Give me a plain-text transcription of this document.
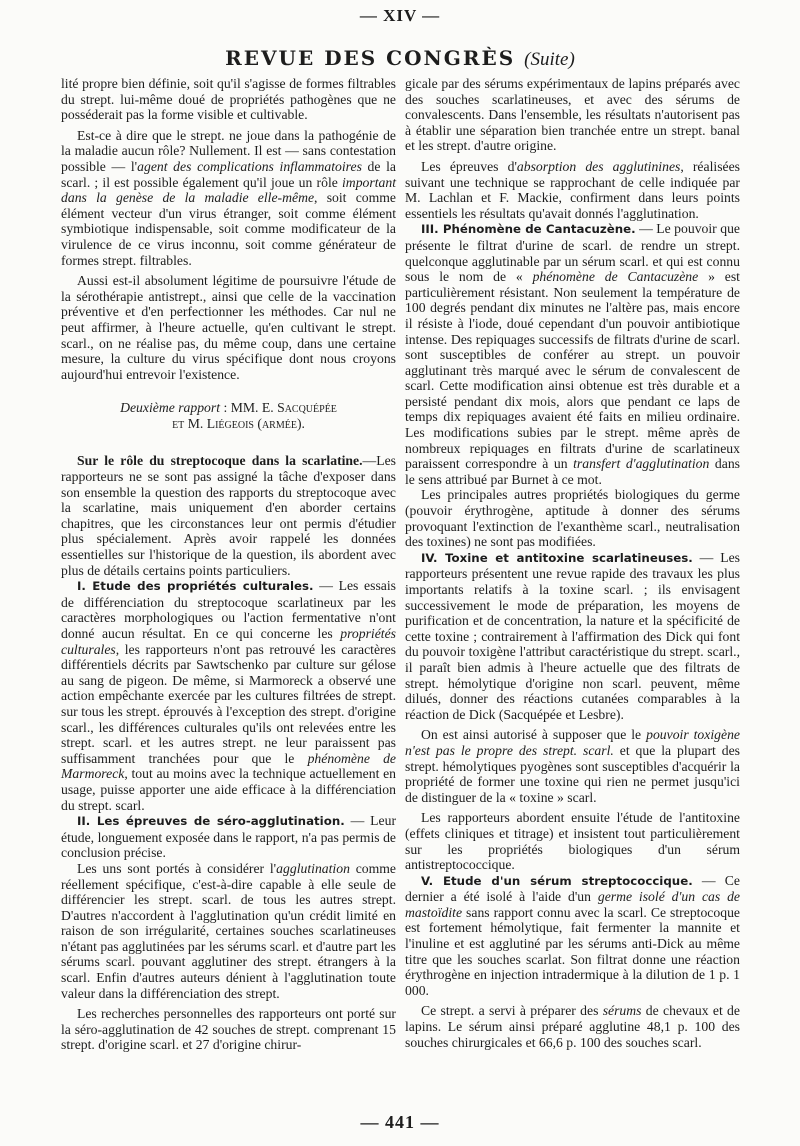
— XIV —
REVUE DES CONGRÈS (Suite)

lité propre bien définie, soit qu'il s'agisse de formes filtrables du strept. lui-même doué de propriétés pathogènes que ne posséderait pas la forme visible et cultivable.

Est-ce à dire que le strept. ne joue dans la pathogénie de la maladie aucun rôle? Nullement. Il est — sans contestation possible — l'agent des complications inflammatoires de la scarl. ; il est possible également qu'il joue un rôle important dans la genèse de la maladie elle-même, soit comme élément vecteur d'un virus étranger, soit comme élément symbiotique indispensable, soit comme modificateur de la virulence de ce virus inconnu, soit comme générateur de formes strept. filtrables.

Aussi est-il absolument légitime de poursuivre l'étude de la sérothérapie antistrept., ainsi que celle de la vaccination préventive et d'en perfectionner les méthodes. Car nul ne peut affirmer, à l'heure actuelle, qu'en cultivant le strept. scarl., on ne réalise pas, du même coup, dans une certaine mesure, la culture du virus spécifique dont nous croyons aujourd'hui entrevoir l'existence.

Deuxième rapport : MM. E. Sacquépée
et M. Liégeois (armée).

Sur le rôle du streptocoque dans la scarlatine.—Les rapporteurs ne se sont pas assigné la tâche d'exposer dans son ensemble la question des rapports du streptocoque avec la scarlatine, mais uniquement d'en aborder certains chapitres, que les circonstances leur ont permis d'étudier plus spécialement. Après avoir rappelé les données essentielles sur l'historique de la question, ils abordent avec plus de détails certains points particuliers.

I. Etude des propriétés culturales. — Les essais de différenciation du streptocoque scarlatineux par les caractères morphologiques ou l'action fermentative n'ont donné aucun résultat. En ce qui concerne les propriétés culturales, les rapporteurs n'ont pas retrouvé les caractères différentiels décrits par Sawtschenko par culture sur gélose au sang de pigeon. De même, si Marmoreck a observé une action empêchante exercée par les cultures filtrées de strept. sur tous les strept. éprouvés à l'exception des strept. d'origine scarl., les différences culturales qu'ils ont relevées entre les strept. scarl. et les autres strept. ne leur paraissent pas suffisamment tranchées pour que le phénomène de Marmoreck, tout au moins avec la technique actuellement en usage, puisse apporter une aide efficace à la différenciation du strept. scarl.

II. Les épreuves de séro-agglutination. — Leur étude, longuement exposée dans le rapport, n'a pas permis de conclusion précise.

Les uns sont portés à considérer l'agglutination comme réellement spécifique, c'est-à-dire capable à elle seule de différencier les strept. scarl. de tous les autres strept. D'autres n'accordent à l'agglutination qu'un crédit limité en raison de son irrégularité, certaines souches scarlatineuses n'étant pas agglutinées par les sérums scarl. et d'autre part les sérums scarl. pouvant agglutiner des strept. étrangers à la scarl. Enfin d'autres auteurs dénient à l'agglutination toute valeur dans la différenciation des strept.

Les recherches personnelles des rapporteurs ont porté sur la séro-agglutination de 42 souches de strept. comprenant 15 strept. d'origine scarl. et 27 d'origine chirur-

gicale par des sérums expérimentaux de lapins préparés avec des souches scarlatineuses, et avec des sérums de convalescents. Dans l'ensemble, les résultats n'autorisent pas à établir une séparation bien tranchée entre un strept. banal et les strept. d'autre origine.

Les épreuves d'absorption des agglutinines, réalisées suivant une technique se rapprochant de celle indiquée par M. Lachlan et F. Mackie, confirment dans leurs points essentiels les résultats qu'avait donnés l'agglutination.

III. Phénomène de Cantacuzène. — Le pouvoir que présente le filtrat d'urine de scarl. de rendre un strept. quelconque agglutinable par un sérum scarl. et qui est connu sous le nom de « phénomène de Cantacuzène » est particulièrement résistant. Non seulement la température de 100 degrés pendant dix minutes ne l'altère pas, mais encore il résiste à l'iode, doué cependant d'un pouvoir antibiotique intense. Des repiquages successifs de filtrats d'urine de scarl. sont susceptibles de conférer au strept. un pouvoir agglutinant très marqué avec le sérum de convalescent de scarl. Cette modification ainsi obtenue est très durable et a persisté pendant dix mois, alors que pendant ce laps de temps dix repiquages avaient été faits en milieu ordinaire. Les modifications subies par le strept. même après de nombreux repiquages en filtrats d'urine de scarlatineux paraissent correspondre à un transfert d'agglutination dans le sens attribué par Burnet à ce mot.

Les principales autres propriétés biologiques du germe (pouvoir érythrogène, aptitude à donner des sérums provoquant l'extinction de l'exanthème scarl., neutralisation des toxines) ne sont pas modifiées.

IV. Toxine et antitoxine scarlatineuses. — Les rapporteurs présentent une revue rapide des travaux les plus importants relatifs à la toxine scarl. ; ils envisagent successivement le mode de préparation, les moyens de purification et de concentration, la nature et la spécificité de cette toxine ; contrairement à l'affirmation des Dick qui font du pouvoir toxigène l'attribut caractéristique du strept. scarl., il paraît bien admis à l'heure actuelle que des filtrats de strept. hémolytique d'origine non scarl. peuvent, même dilués, donner des réactions cutanées comparables à la réaction de Dick (Sacquépée et Lesbre).

On est ainsi autorisé à supposer que le pouvoir toxigène n'est pas le propre des strept. scarl. et que la plupart des strept. hémolytiques pyogènes sont susceptibles d'acquérir la propriété de former une toxine qui rien ne permet jusqu'ici de distinguer de la « toxine » scarl.

Les rapporteurs abordent ensuite l'étude de l'antitoxine (effets cliniques et titrage) et insistent tout particulièrement sur les propriétés biologiques d'un sérum antistreptococcique.

V. Etude d'un sérum streptococcique. — Ce dernier a été isolé à l'aide d'un germe isolé d'un cas de mastoïdite sans rapport connu avec la scarl. Ce streptocoque est fortement hémolytique, fait fermenter la mannite et l'inuline et est agglutiné par les sérums anti-Dick au même titre que les souches scarlat. Son filtrat donne une réaction érythrogène en injection intradermique à la dilution de 1 p. 1 000.

Ce strept. a servi à préparer des sérums de chevaux et de lapins. Le sérum ainsi préparé agglutine 48,1 p. 100 des souches chirurgicales et 66,6 p. 100 des souches scarl.

— 441 —
